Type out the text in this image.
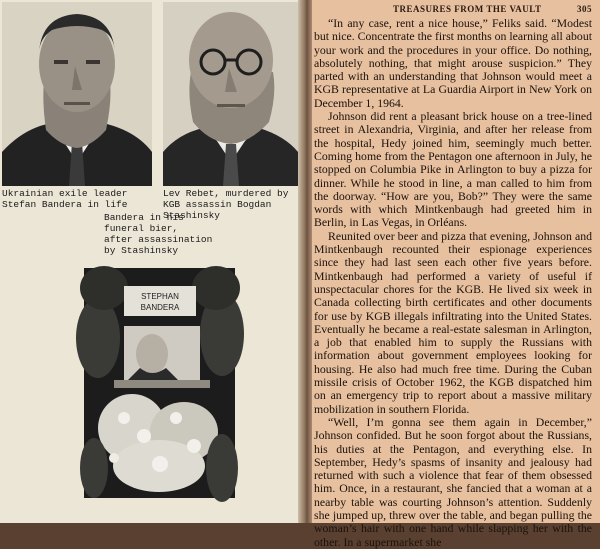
Ukrainian exile leader
Stefan Bandera in life
Lev Rebet, murdered by
KGB assassin Bogdan
Stashinsky
Bandera in his
funeral bier,
after assassination
by Stashinsky
STEPHAN
BANDERA
TREASURES FROM THE VAULT	305

“In any case, rent a nice house,” Feliks said. “Modest but nice. Concentrate the first months on learning all about your work and the procedures in your office. Do nothing, absolutely nothing, that might arouse suspicion.” They parted with an understanding that Johnson would meet a KGB representative at La Guardia Airport in New York on December 1, 1964.

Johnson did rent a pleasant brick house on a tree-lined street in Alexandria, Virginia, and after her release from the hospital, Hedy joined him, seemingly much better. Coming home from the Pentagon one afternoon in July, he stopped on Columbia Pike in Arlington to buy a pizza for dinner. While he stood in line, a man called to him from the doorway. “How are you, Bob?” They were the same words with which Mintkenbaugh had greeted him in Berlin, in Las Vegas, in Orléans.

Reunited over beer and pizza that evening, Johnson and Mintkenbaugh recounted their espionage experiences since they had last seen each other five years before. Mintkenbaugh had performed a variety of useful if unspectacular chores for the KGB. He lived six week in Canada collecting birth certificates and other documents for use by KGB illegals infiltrating into the United States. Eventually he became a real-estate salesman in Arlington, a job that enabled him to supply the Russians with information about government employees looking for housing. He also had much free time. During the Cuban missile crisis of October 1962, the KGB dispatched him on an emergency trip to report about a massive military mobilization in southern Florida.

“Well, I’m gonna see them again in December,” Johnson confided. But he soon forgot about the Russians, his duties at the Pentagon, and everything else. In September, Hedy’s spasms of insanity and jealousy had returned with such a violence that fear of them obsessed him. Once, in a restaurant, she fancied that a woman at a nearby table was courting Johnson’s attention. Suddenly she jumped up, threw over the table, and began pulling the woman’s hair with one hand while slapping her with the other. In a supermarket she
